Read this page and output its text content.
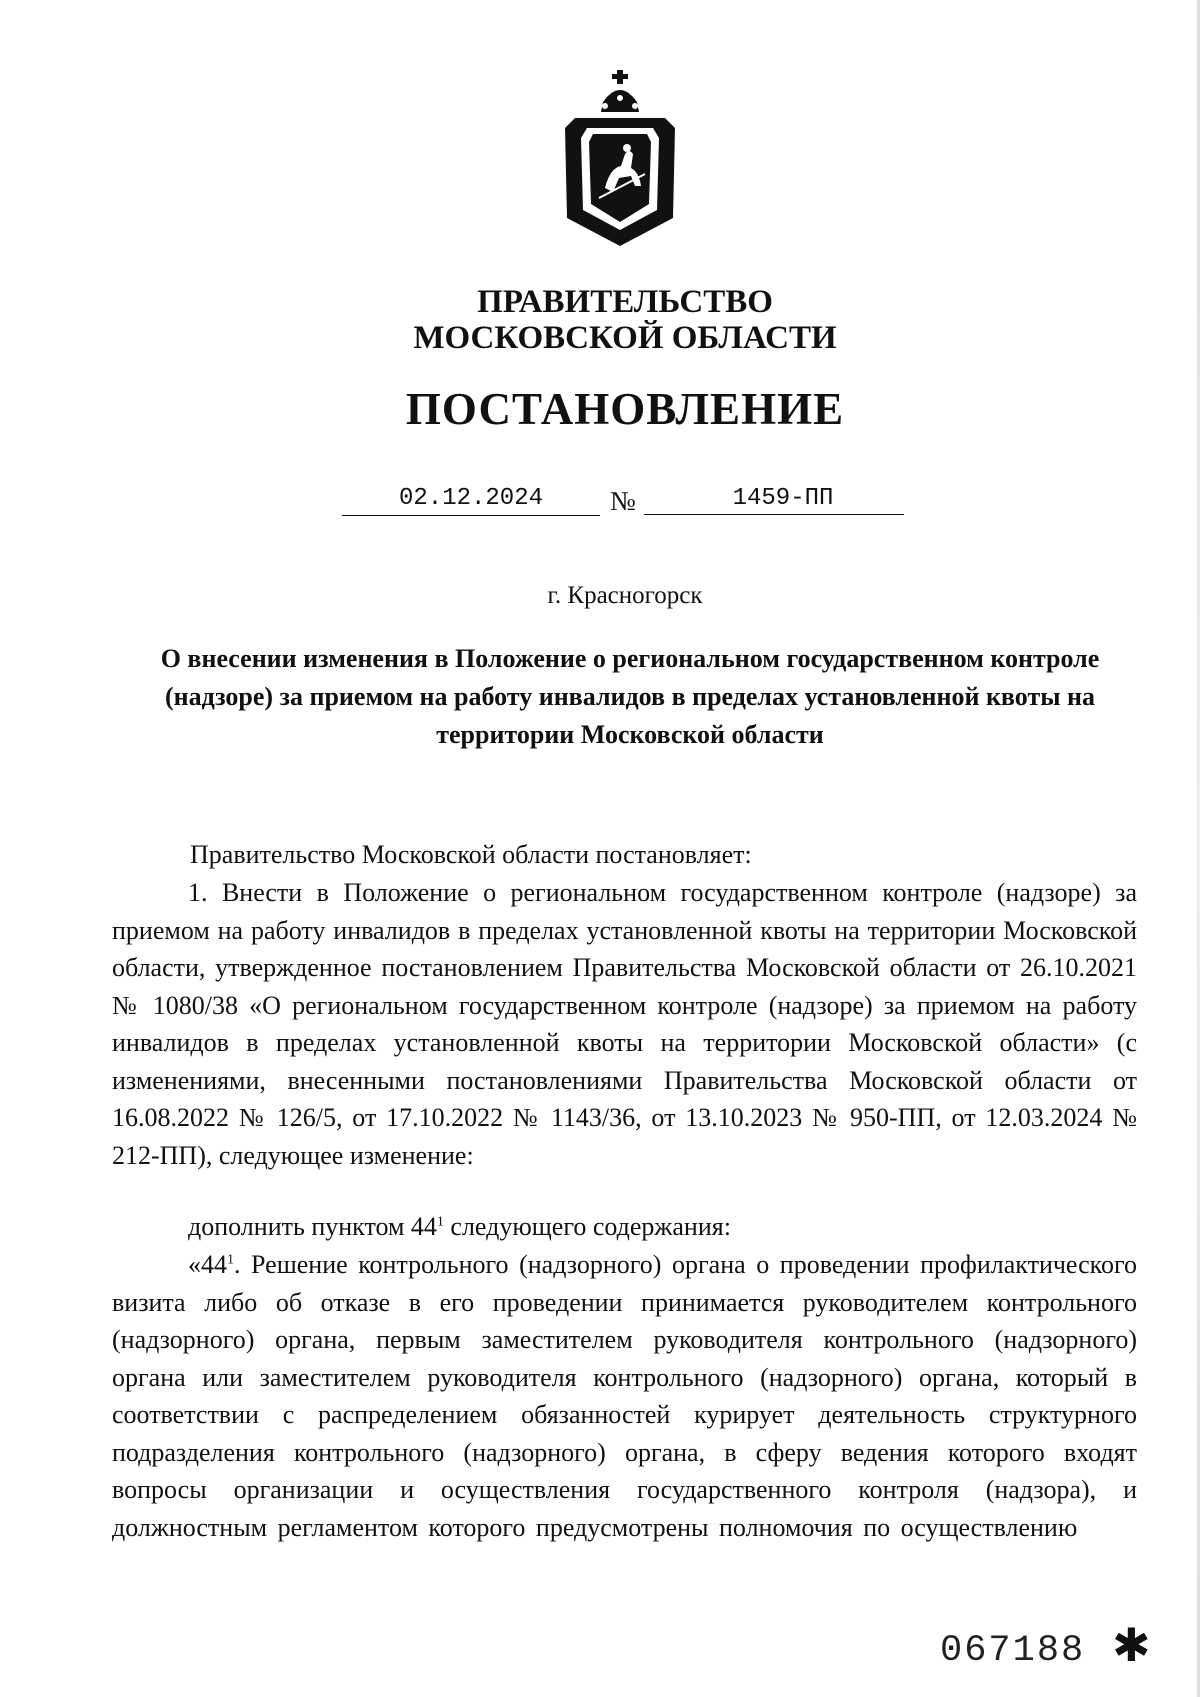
ПРАВИТЕЛЬСТВО
МОСКОВСКОЙ ОБЛАСТИ
ПОСТАНОВЛЕНИЕ
02.12.2024	№	1459-ПП
г. Красногорск
О внесении изменения в Положение о региональном государственном контроле (надзоре) за приемом на работу инвалидов в пределах установленной квоты на территории Московской области
Правительство Московской области постановляет:
1. Внести в Положение о региональном государственном контроле (надзоре) за приемом на работу инвалидов в пределах установленной квоты на территории Московской области, утвержденное постановлением Правительства Московской области от 26.10.2021 № 1080/38 «О региональном государственном контроле (надзоре) за приемом на работу инвалидов в пределах установленной квоты на территории Московской области» (с изменениями, внесенными постановлениями Правительства Московской области от 16.08.2022 № 126/5, от 17.10.2022 № 1143/36, от 13.10.2023 № 950-ПП, от 12.03.2024 № 212-ПП), следующее изменение:
дополнить пунктом $44^1$ следующего содержания:
«$44^1$. Решение контрольного (надзорного) органа о проведении профилактического визита либо об отказе в его проведении принимается руководителем контрольного (надзорного) органа, первым заместителем руководителя контрольного (надзорного) органа или заместителем руководителя контрольного (надзорного) органа, который в соответствии с распределением обязанностей курирует деятельность структурного подразделения контрольного (надзорного) органа, в сферу ведения которого входят вопросы организации и осуществления государственного контроля (надзора), и должностным регламентом которого предусмотрены полномочия по осуществлению
067188 ✱
